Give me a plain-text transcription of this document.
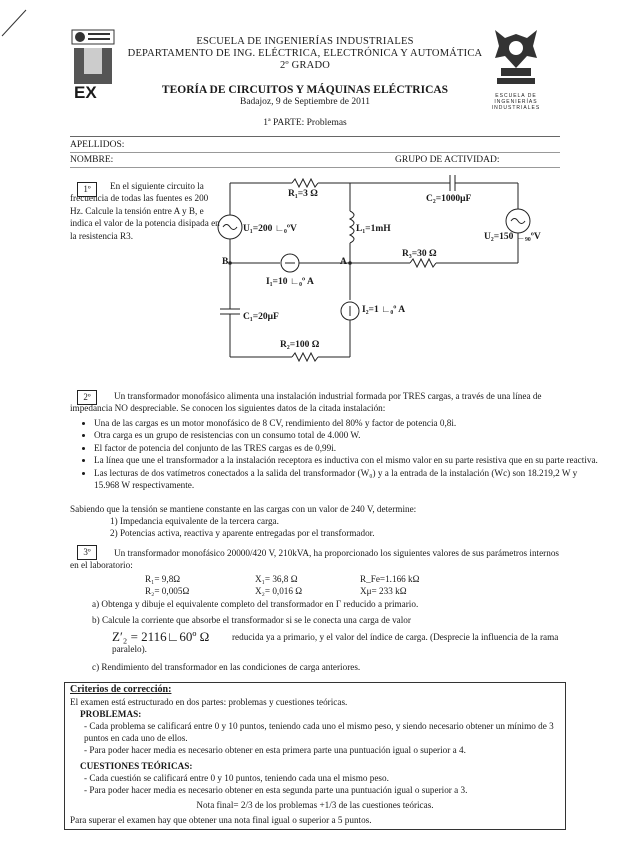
EX	ESCUELA DE
INGENIERÍAS
INDUSTRIALES
ESCUELA DE INGENIERÍAS INDUSTRIALES
DEPARTAMENTO DE ING. ELÉCTRICA, ELECTRÓNICA Y AUTOMÁTICA
2º GRADO
TEORÍA DE CIRCUITOS Y MÁQUINAS ELÉCTRICAS
Badajoz, 9 de Septiembre de 2011
1ª PARTE: Problemas
APELLIDOS:
NOMBRE:	GRUPO DE ACTIVIDAD:
1º	En el siguiente circuito la frecuencia de todas las fuentes es 200 Hz. Calcule la tensión entre A y B, e indica el valor de la potencia disipada en la resistencia R3.
R₁=3 Ω	C₂=1000μF
U₁=200 ∟₀ºV	L₁=1mH
U₂=150 ∟₉₀ºV
R₃=30 Ω
B	A
I₁=10 ∟₀º A
I₂=1 ∟₀º A
C₁=20μF
R₂=100 Ω
2º	Un transformador monofásico alimenta una instalación industrial formada por TRES cargas, a través de una línea de impedancia NO despreciable. Se conocen los siguientes datos de la citada instalación:
• Una de las cargas es un motor monofásico de 8 CV, rendimiento del 80% y factor de potencia 0,8i.
• Otra carga es un grupo de resistencias con un consumo total de 4.000 W.
• El factor de potencia del conjunto de las TRES cargas es de 0,99i.
• La línea que une el transformador a la instalación receptora es inductiva con el mismo valor en su parte resistiva que en su parte reactiva.
• Las lecturas de dos vatímetros conectados a la salida del transformador (W₀) y a la entrada de la instalación (Wc) son 18.219,2 W y 15.968 W respectivamente.
Sabiendo que la tensión se mantiene constante en las cargas con un valor de 240 V, determine:
1) Impedancia equivalente de la tercera carga.
2) Potencias activa, reactiva y aparente entregadas por el transformador.
3º	Un transformador monofásico 20000/420 V, 210kVA, ha proporcionado los siguientes valores de sus parámetros internos en el laboratorio:
R₁= 9,8Ω	X₁= 36,8 Ω	R_Fe=1.166 kΩ
R₂= 0,005Ω	X₂= 0,016 Ω	Xμ= 233 kΩ
a) Obtenga y dibuje el equivalente completo del transformador en Γ reducido a primario.
b) Calcule la corriente que absorbe el transformador si se le conecta una carga de valor
Z′₂ = 2116∟60º Ω	reducida ya a primario, y el valor del índice de carga. (Desprecie la influencia de la rama paralelo).
c) Rendimiento del transformador en las condiciones de carga anteriores.
Criterios de corrección:
El examen está estructurado en dos partes: problemas y cuestiones teóricas.
PROBLEMAS:
- Cada problema se calificará entre 0 y 10 puntos, teniendo cada uno el mismo peso, y siendo necesario obtener un mínimo de 3 puntos en cada uno de ellos.
- Para poder hacer media es necesario obtener en esta primera parte una puntuación igual o superior a 4.
CUESTIONES TEÓRICAS:
- Cada cuestión se calificará entre 0 y 10 puntos, teniendo cada una el mismo peso.
- Para poder hacer media es necesario obtener en esta segunda parte una puntuación igual o superior a 3.
Nota final= 2/3 de los problemas +1/3 de las cuestiones teóricas.
Para superar el examen hay que obtener una nota final igual o superior a 5 puntos.
